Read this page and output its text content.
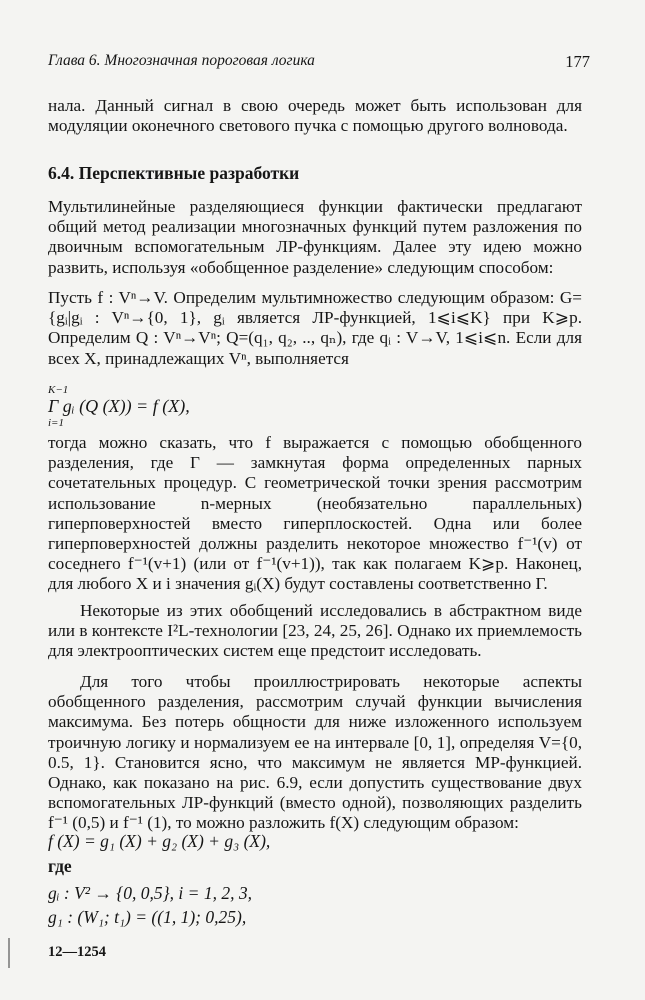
Глава 6. Многозначная пороговая логика	177
нала. Данный сигнал в свою очередь может быть использован для модуляции оконечного светового пучка с помощью другого волновода.
6.4. Перспективные разработки
Мультилинейные разделяющиеся функции фактически предлагают общий метод реализации многозначных функций путем разложения по двоичным вспомогательным ЛР-функциям. Далее эту идею можно развить, используя «обобщенное разделение» следующим способом:
Пусть f : Vⁿ→V. Определим мультимножество следующим образом: G={gᵢ|gᵢ : Vⁿ→{0, 1}, gᵢ является ЛР-функцией, 1⩽i⩽K} при K⩾p. Определим Q : Vⁿ→Vⁿ; Q=(q₁, q₂, .., qₙ), где qᵢ : V→V, 1⩽i⩽n. Если для всех X, принадлежащих Vⁿ, выполняется
K−1
Γ gᵢ (Q (X)) = f (X),
i=1
тогда можно сказать, что f выражается с помощью обобщенного разделения, где Γ — замкнутая форма определенных парных сочетательных процедур. С геометрической точки зрения рассмотрим использование n-мерных (необязательно параллельных) гиперповерхностей вместо гиперплоскостей. Одна или более гиперповерхностей должны разделить некоторое множество f⁻¹(v) от соседнего f⁻¹(v+1) (или от f⁻¹(v+1)), так как полагаем K⩾p. Наконец, для любого X и i значения gᵢ(X) будут составлены соответственно Γ.
Некоторые из этих обобщений исследовались в абстрактном виде или в контексте I²L-технологии [23, 24, 25, 26]. Однако их приемлемость для электрооптических систем еще предстоит исследовать.
Для того чтобы проиллюстрировать некоторые аспекты обобщенного разделения, рассмотрим случай функции вычисления максимума. Без потерь общности для ниже изложенного используем троичную логику и нормализуем ее на интервале [0, 1], определяя V={0, 0.5, 1}. Становится ясно, что максимум не является МР-функцией. Однако, как показано на рис. 6.9, если допустить существование двух вспомогательных ЛР-функций (вместо одной), позволяющих разделить f⁻¹ (0,5) и f⁻¹ (1), то можно разложить f(X) следующим образом:
f (X) = g₁ (X) + g₂ (X) + g₃ (X),
где
gᵢ : V² → {0, 0,5}, i = 1, 2, 3,
g₁ : (W₁; t₁) = ((1, 1); 0,25),
12—1254
